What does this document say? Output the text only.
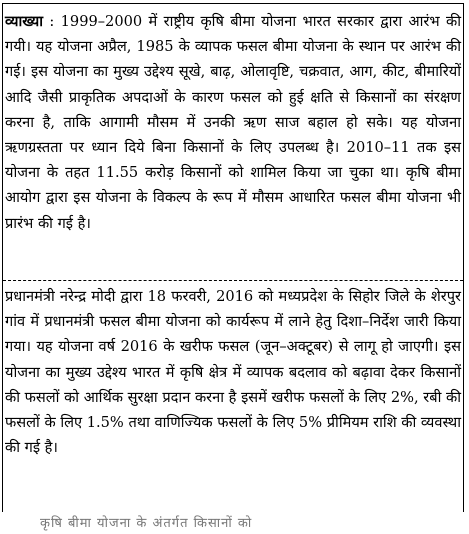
व्याख्या : 1999–2000 में राष्ट्रीय कृषि बीमा योजना भारत सरकार द्वारा आरंभ की गयी। यह योजना अप्रैल, 1985 के व्यापक फसल बीमा योजना के स्थान पर आरंभ की गई। इस योजना का मुख्य उद्देश्य सूखे, बाढ़, ओलावृष्टि, चक्रवात, आग, कीट, बीमारियों आदि जैसी प्राकृतिक अपदाओं के कारण फसल को हुई क्षति से किसानों का संरक्षण करना है, ताकि आगामी मौसम में उनकी ऋण साज बहाल हो सके। यह योजना ऋणग्रस्तता पर ध्यान दिये बिना किसानों के लिए उपलब्ध है। 2010–11 तक इस योजना के तहत 11.55 करोड़ किसानों को शामिल किया जा चुका था। कृषि बीमा आयोग द्वारा इस योजना के विकल्प के रूप में मौसम आधारित फसल बीमा योजना भी प्रारंभ की गई है।

प्रधानमंत्री नरेन्द्र मोदी द्वारा 18 फरवरी, 2016 को मध्यप्रदेश के सिहोर जिले के शेरपुर गांव में प्रधानमंत्री फसल बीमा योजना को कार्यरूप में लाने हेतु दिशा–निर्देश जारी किया गया। यह योजना वर्ष 2016 के खरीफ फसल (जून–अक्टूबर) से लागू हो जाएगी। इस योजना का मुख्य उद्देश्य भारत में कृषि क्षेत्र में व्यापक बदलाव को बढ़ावा देकर किसानों की फसलों को आर्थिक सुरक्षा प्रदान करना है इसमें खरीफ फसलों के लिए 2%, रबी की फसलों के लिए 1.5% तथा वाणिज्यिक फसलों के लिए 5% प्रीमियम राशि की व्यवस्था की गई है।

कृषि बीमा योजना के अंतर्गत किसानों को
